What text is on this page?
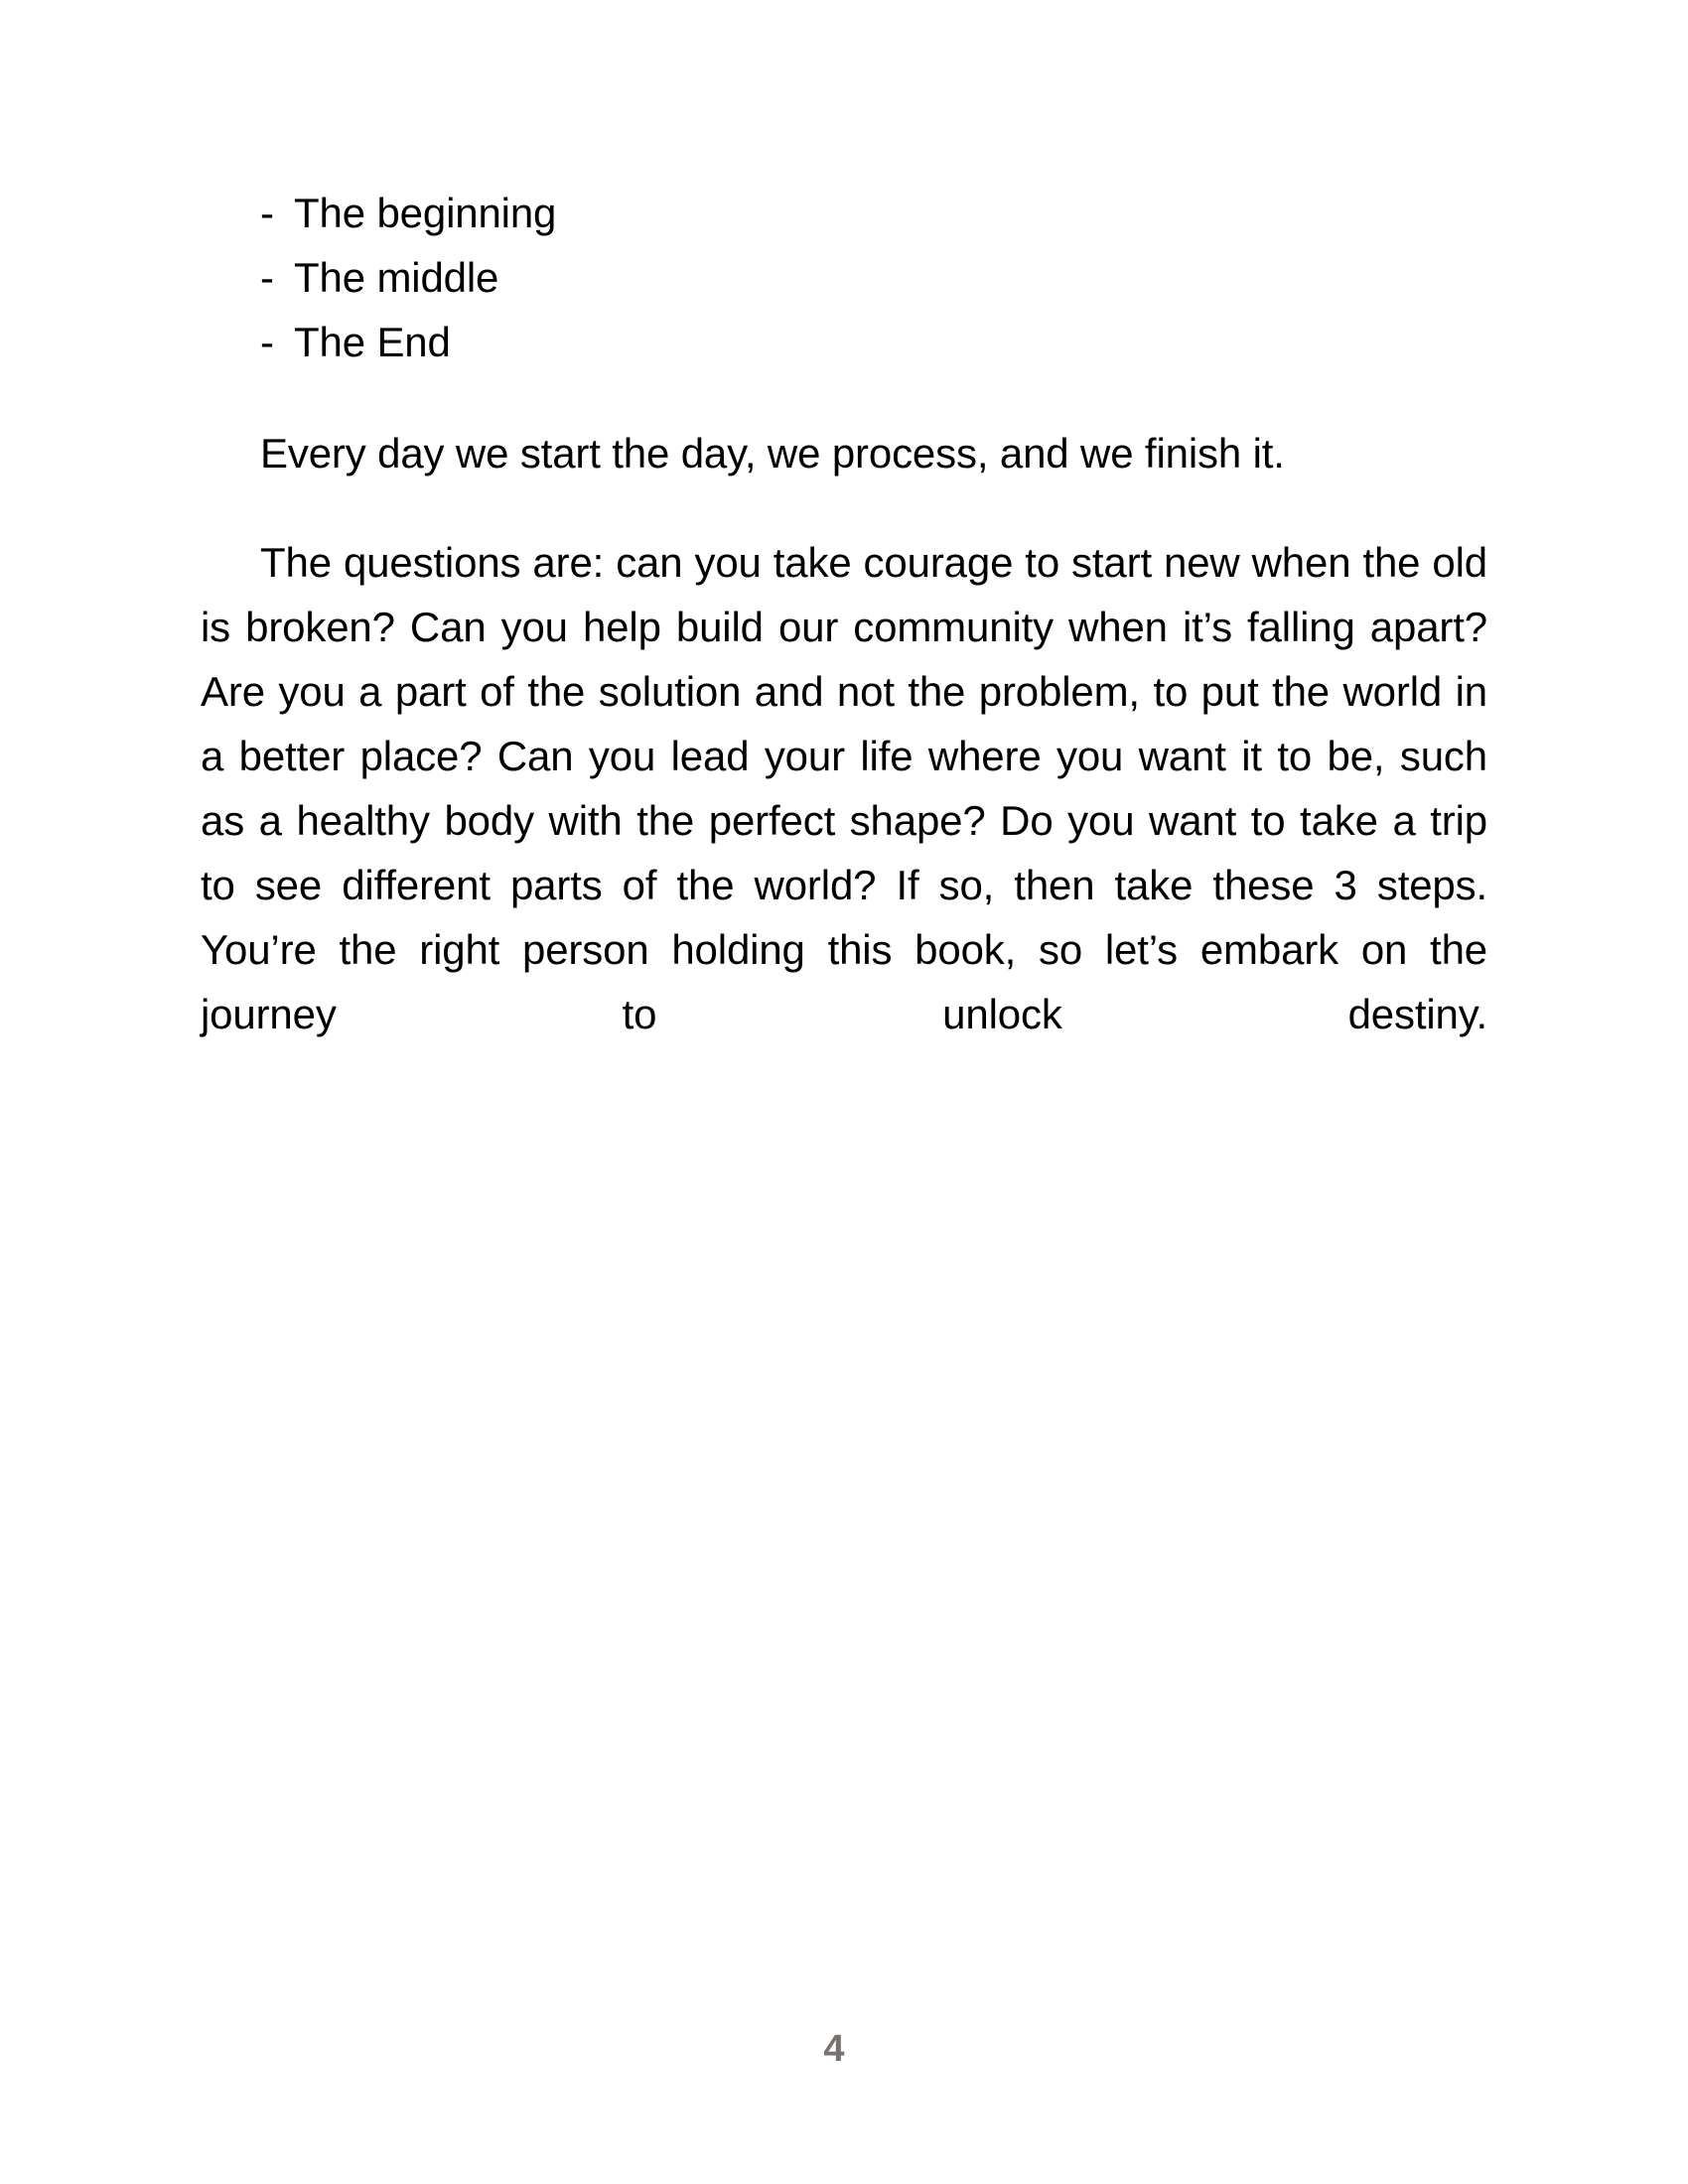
- The beginning
- The middle
- The End

Every day we start the day, we process, and we finish it.

The questions are: can you take courage to start new when the old is broken? Can you help build our community when it’s falling apart? Are you a part of the solution and not the problem, to put the world in a better place? Can you lead your life where you want it to be, such as a healthy body with the perfect shape? Do you want to take a trip to see different parts of the world? If so, then take these 3 steps. You’re the right person holding this book, so let’s embark on the journey to unlock destiny.

4
